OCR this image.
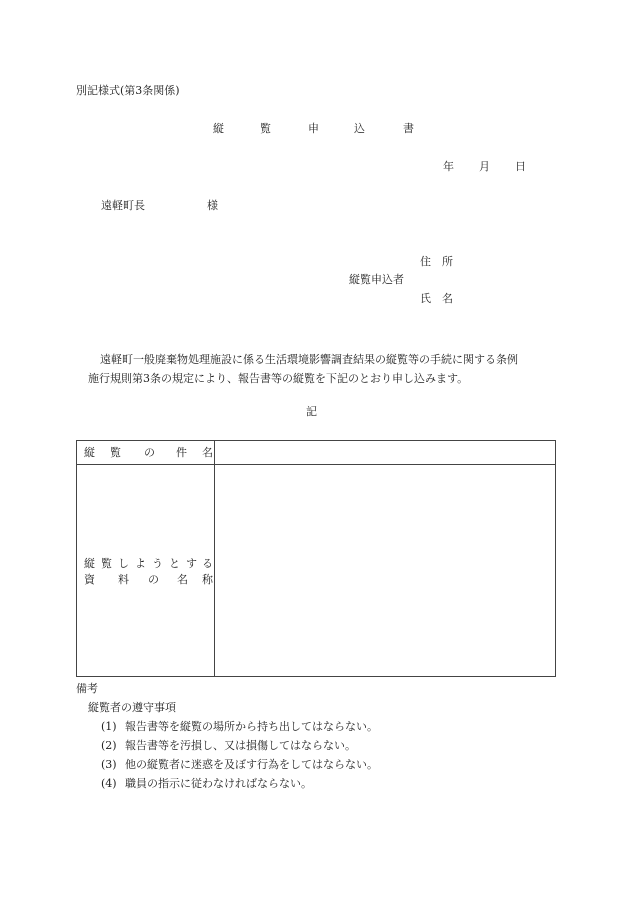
別記様式(第3条関係)
縦	覧	申	込	書
年 月 日
遠軽町長	様
住　所
縦覧申込者
氏　名
遠軽町一般廃棄物処理施設に係る生活環境影響調査結果の縦覧等の手続に関する条例
施行規則第3条の規定により、報告書等の縦覧を下記のとおり申し込みます。
記
縦 覧 の 件 名
縦 覧 し よ う と す る
資 料 の 名 称
備考
縦覧者の遵守事項
(1) 報告書等を縦覧の場所から持ち出してはならない。
(2) 報告書等を汚損し、又は損傷してはならない。
(3) 他の縦覧者に迷惑を及ぼす行為をしてはならない。
(4) 職員の指示に従わなければならない。
